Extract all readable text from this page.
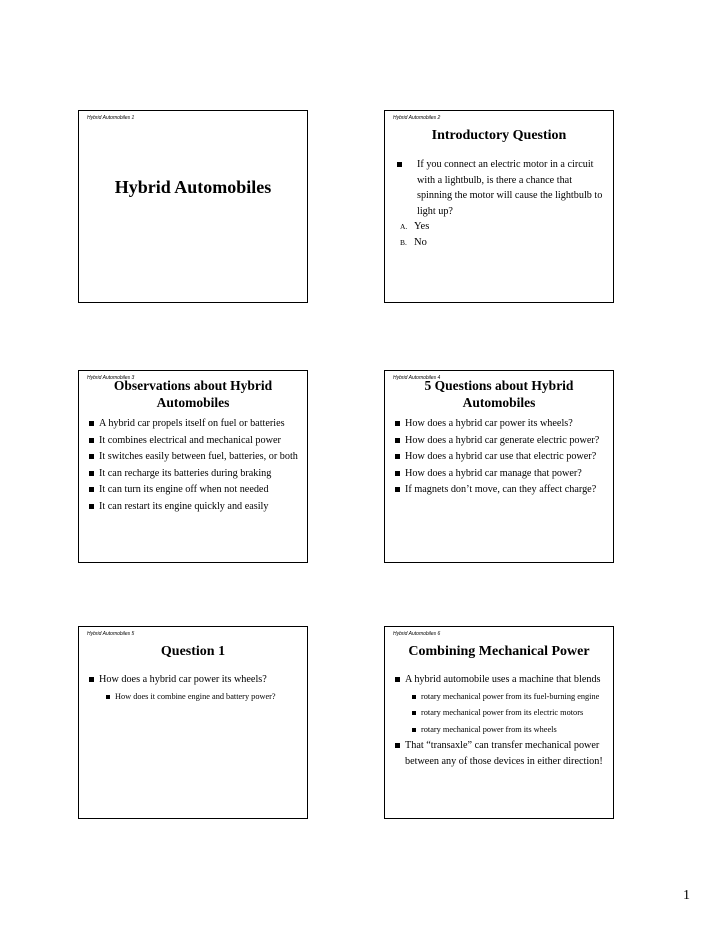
Hybrid Automobiles 1
Hybrid Automobiles
Hybrid Automobiles 2
Introductory Question
If you connect an electric motor in a circuit with a lightbulb, is there a chance that spinning the motor will cause the lightbulb to light up?
A. Yes
B. No
Hybrid Automobiles 3
Observations about Hybrid
Automobiles
A hybrid car propels itself on fuel or batteries
It combines electrical and mechanical power
It switches easily between fuel, batteries, or both
It can recharge its batteries during braking
It can turn its engine off when not needed
It can restart its engine quickly and easily
Hybrid Automobiles 4
5 Questions about Hybrid
Automobiles
How does a hybrid car power its wheels?
How does a hybrid car generate electric power?
How does a hybrid car use that electric power?
How does a hybrid car manage that power?
If magnets don’t move, can they affect charge?
Hybrid Automobiles 5
Question 1
How does a hybrid car power its wheels?
How does it combine engine and battery power?
Hybrid Automobiles 6
Combining Mechanical Power
A hybrid automobile uses a machine that blends
rotary mechanical power from its fuel-burning engine
rotary mechanical power from its electric motors
rotary mechanical power from its wheels
That “transaxle” can transfer mechanical power between any of those devices in either direction!
1
